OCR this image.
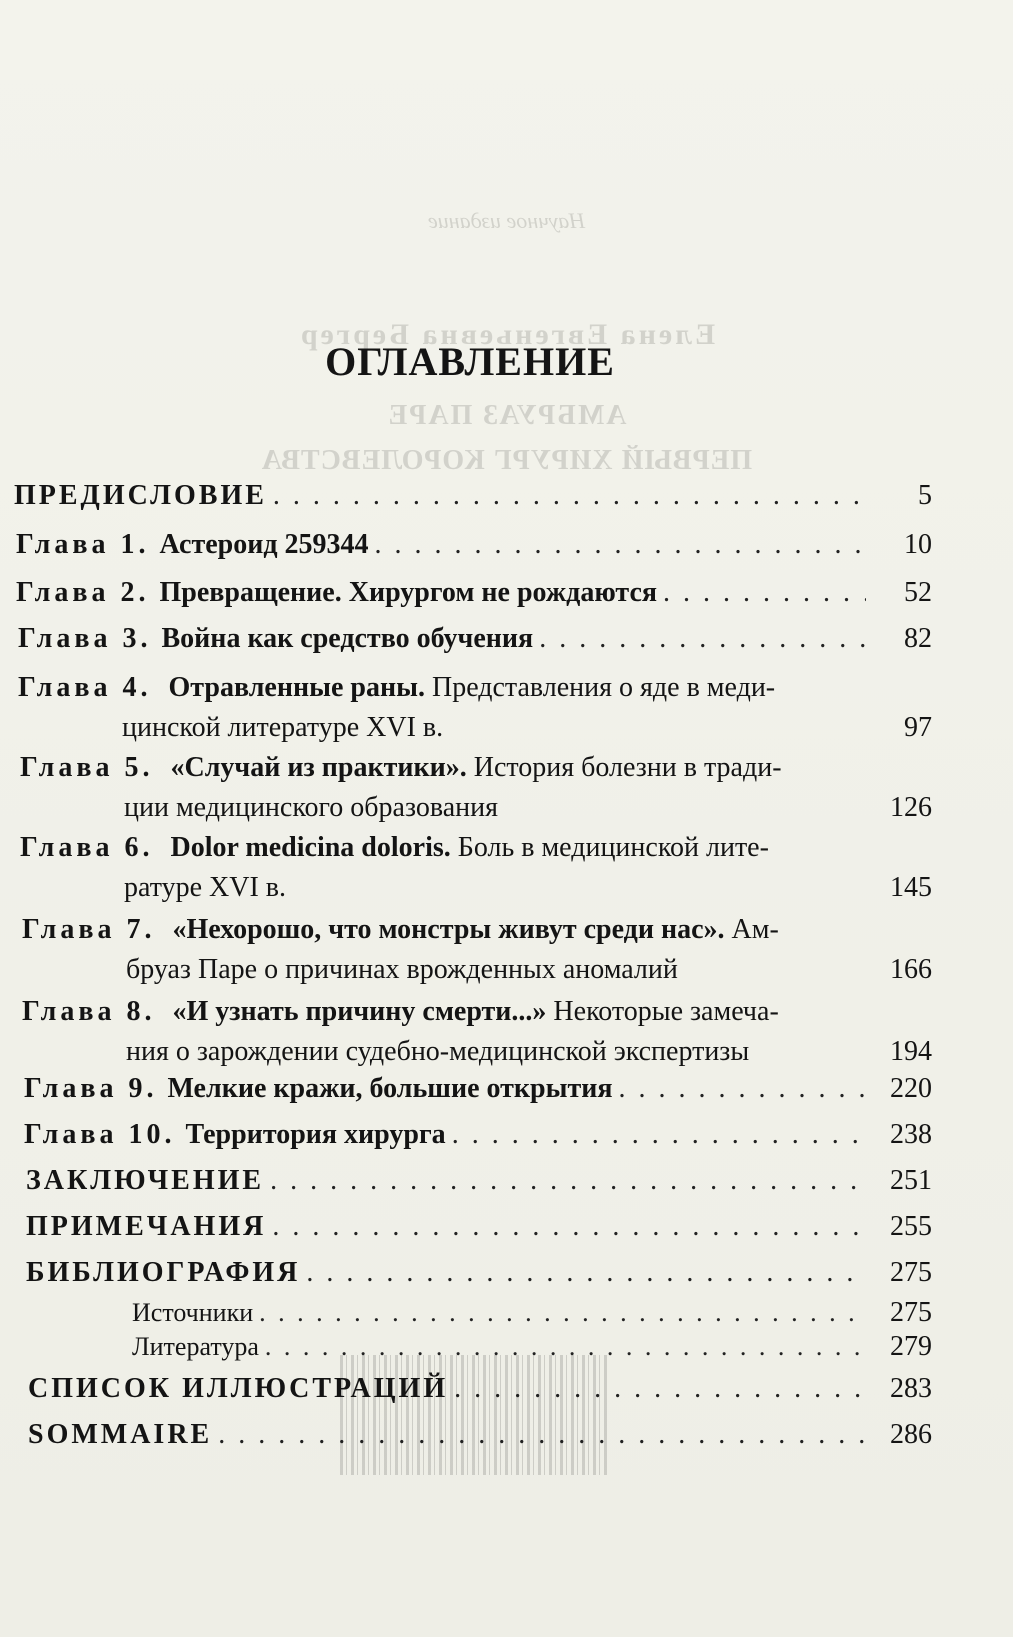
Научное издание
Елена Евгеньевна Бергер
АМБРУАЗ ПАРЕ
ПЕРВЫЙ ХИРУРГ КОРОЛЕВСТВА
ОГЛАВЛЕНИЕ
ПРЕДИСЛОВИЕ . . .	5
Глава 1. Астероид 259344 . . .	10
Глава 2. Превращение. Хирургом не рождаются . . .	52
Глава 3. Война как средство обучения . . .	82
Глава 4. Отравленные раны. Представления о яде в меди-
цинской литературе XVI в.	97
Глава 5. «Случай из практики». История болезни в тради-
ции медицинского образования	126
Глава 6. Dolor medicina doloris. Боль в медицинской лите-
ратуре XVI в.	145
Глава 7. «Нехорошо, что монстры живут среди нас». Ам-
бруаз Паре о причинах врожденных аномалий	166
Глава 8. «И узнать причину смерти...» Некоторые замеча-
ния о зарождении судебно-медицинской экспертизы	194
Глава 9. Мелкие кражи, большие открытия . . .	220
Глава 10. Территория хирурга . . .	238
ЗАКЛЮЧЕНИЕ . . .	251
ПРИМЕЧАНИЯ . . .	255
БИБЛИОГРАФИЯ . . .	275
Источники . . .	275
Литература . . .	279
СПИСОК ИЛЛЮСТРАЦИЙ . . .	283
SOMMAIRE . . .	286
